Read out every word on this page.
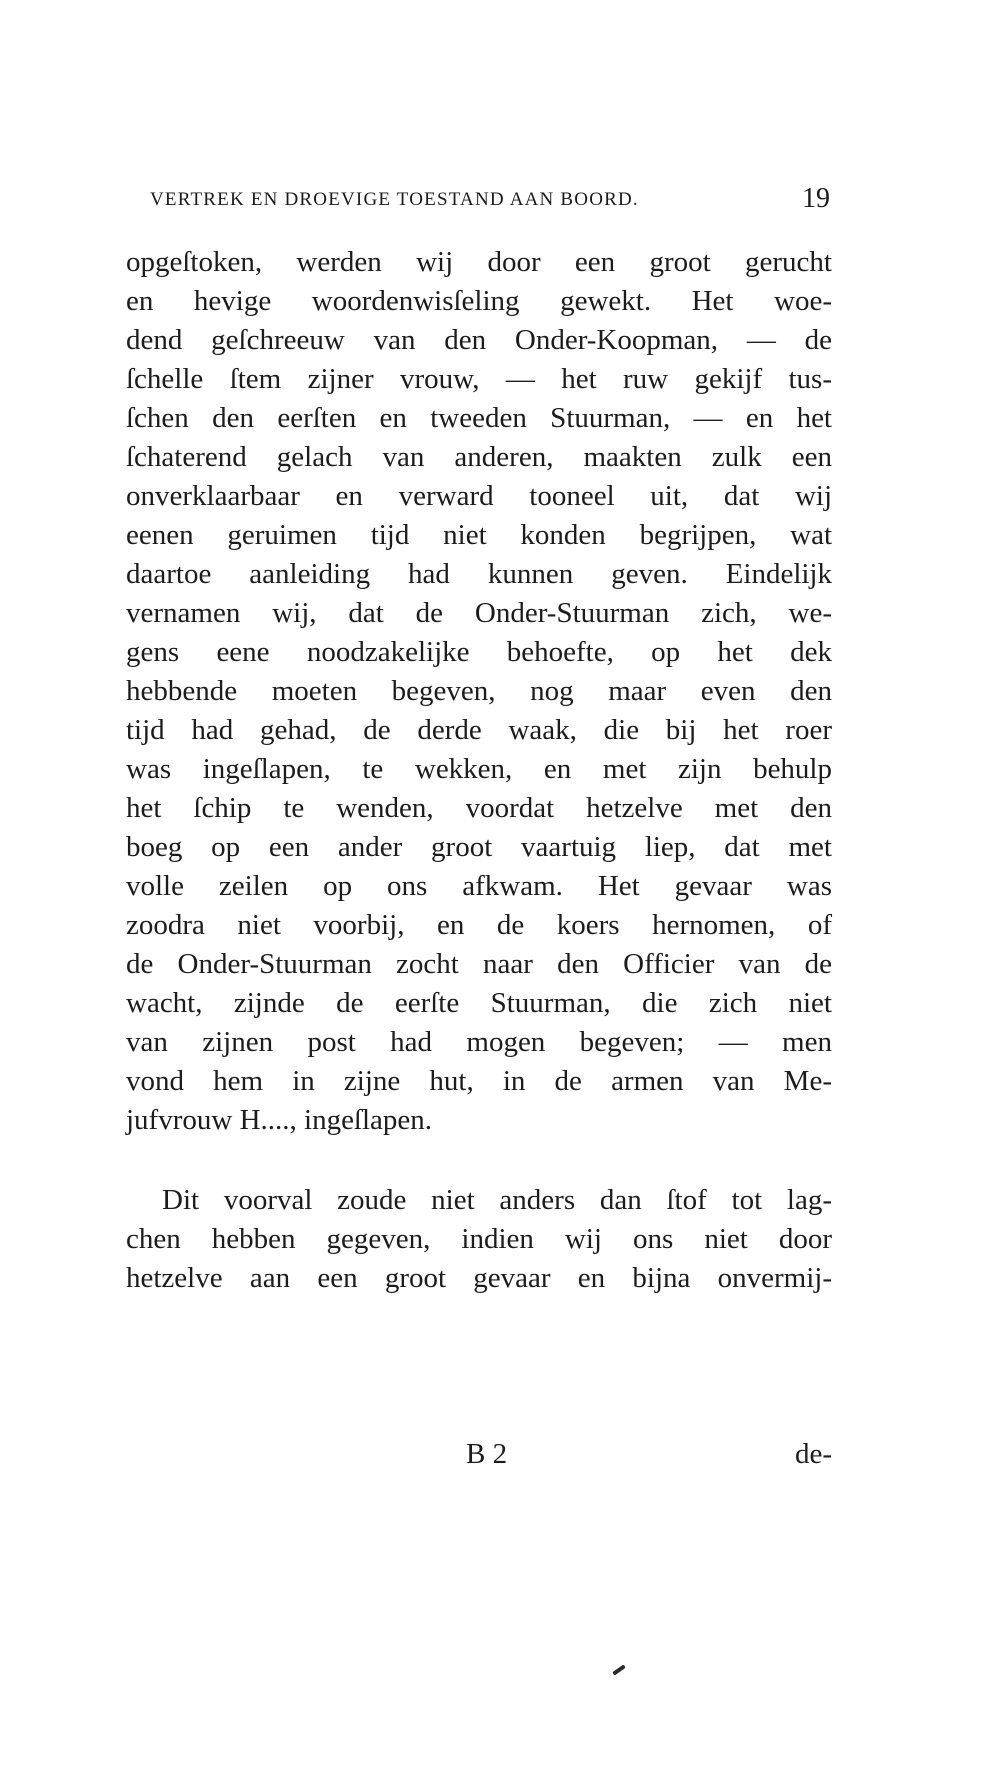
VERTREK EN DROEVIGE TOESTAND AAN BOORD.	19
opgeſtoken, werden wij door een groot gerucht
en hevige woordenwisſeling gewekt. Het woe-
dend geſchreeuw van den Onder-Koopman, — de
ſchelle ſtem zijner vrouw, — het ruw gekijf tus-
ſchen den eerſten en tweeden Stuurman, — en het
ſchaterend gelach van anderen, maakten zulk een
onverklaarbaar en verward tooneel uit, dat wij
eenen geruimen tijd niet konden begrijpen, wat
daartoe aanleiding had kunnen geven. Eindelijk
vernamen wij, dat de Onder-Stuurman zich, we-
gens eene noodzakelijke behoefte, op het dek
hebbende moeten begeven, nog maar even den
tijd had gehad, de derde waak, die bij het roer
was ingeſlapen, te wekken, en met zijn behulp
het ſchip te wenden, voordat hetzelve met den
boeg op een ander groot vaartuig liep, dat met
volle zeilen op ons afkwam. Het gevaar was
zoodra niet voorbij, en de koers hernomen, of
de Onder-Stuurman zocht naar den Officier van de
wacht, zijnde de eerſte Stuurman, die zich niet
van zijnen post had mogen begeven; — men
vond hem in zijne hut, in de armen van Me-
jufvrouw H...., ingeſlapen.
Dit voorval zoude niet anders dan ſtof tot lag-
chen hebben gegeven, indien wij ons niet door
hetzelve aan een groot gevaar en bijna onvermij-
B 2	de-
